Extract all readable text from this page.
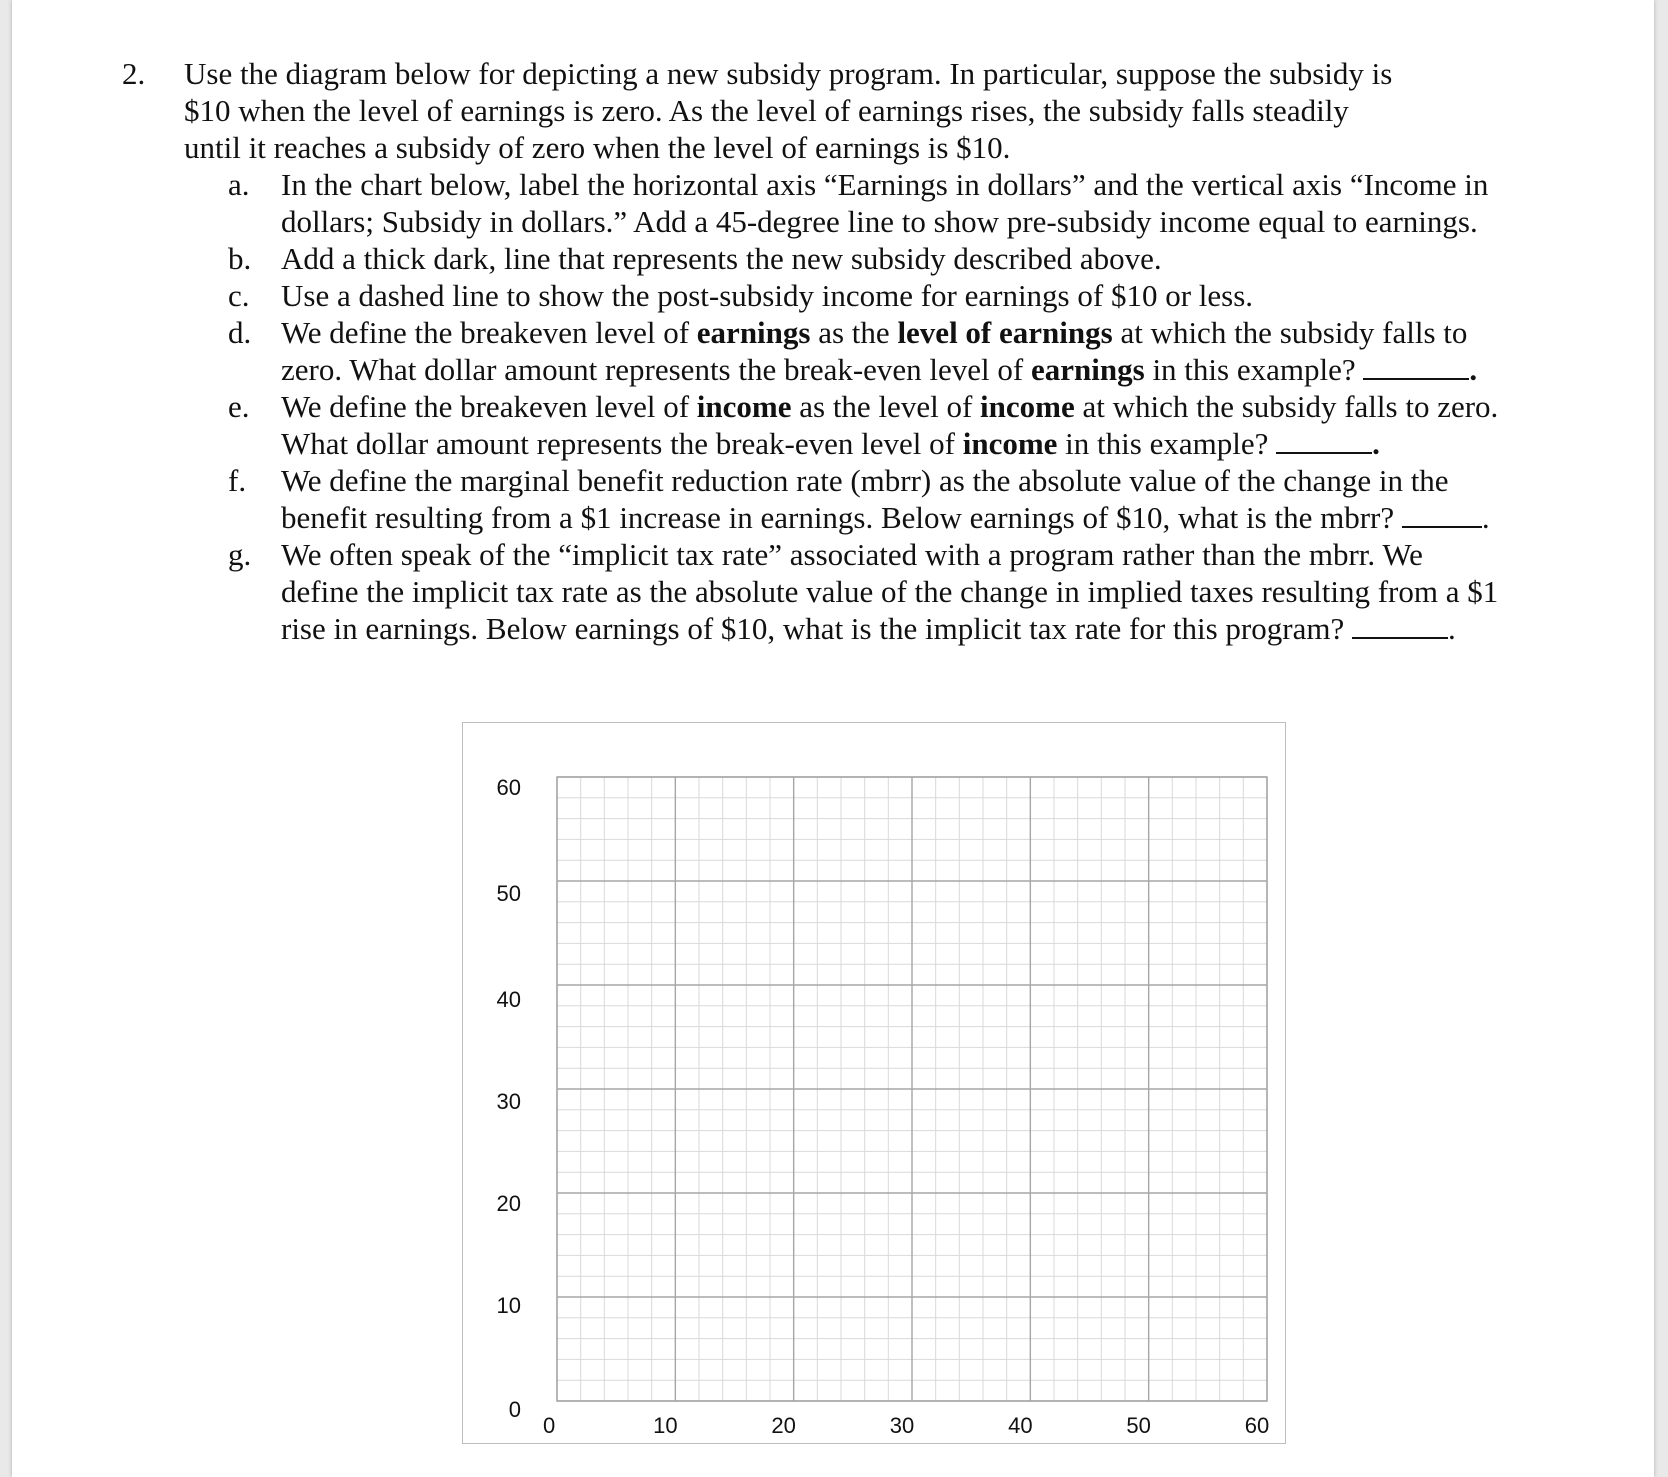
2. Use the diagram below for depicting a new subsidy program. In particular, suppose the subsidy is
$10 when the level of earnings is zero. As the level of earnings rises, the subsidy falls steadily
until it reaches a subsidy of zero when the level of earnings is $10.
a.	In the chart below, label the horizontal axis “Earnings in dollars” and the vertical axis “Income in
dollars; Subsidy in dollars.” Add a 45-degree line to show pre-subsidy income equal to earnings.
b. Add a thick dark, line that represents the new subsidy described above.
c.	Use a dashed line to show the post-subsidy income for earnings of $10 or less.
d. We define the breakeven level of earnings as the level of earnings at which the subsidy falls to
zero. What dollar amount represents the break-even level of earnings in this example?	.
e.	We define the breakeven level of income as the level of income at which the subsidy falls to zero.
What dollar amount represents the break-even level of income in this example?	.
f.	We define the marginal benefit reduction rate (mbrr) as the absolute value of the change in the
benefit resulting from a $1 increase in earnings. Below earnings of $10, what is the mbrr?	.
g. We often speak of the “implicit tax rate” associated with a program rather than the mbrr. We
define the implicit tax rate as the absolute value of the change in implied taxes resulting from a $1
rise in earnings. Below earnings of $10, what is the implicit tax rate for this program?	.
0	10	20	30	40	50	60
0
10
20
30
40
50
60
